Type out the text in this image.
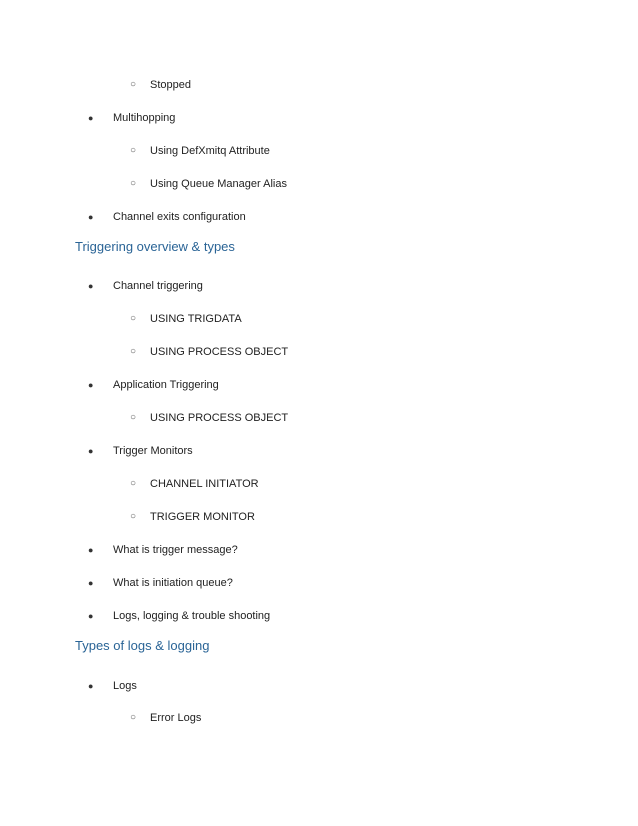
○ Stopped
● Multihopping
○ Using DefXmitq Attribute
○ Using Queue Manager Alias
● Channel exits configuration
Triggering overview & types
● Channel triggering
○ USING TRIGDATA
○ USING PROCESS OBJECT
● Application Triggering
○ USING PROCESS OBJECT
● Trigger Monitors
○ CHANNEL INITIATOR
○ TRIGGER MONITOR
● What is trigger message?
● What is initiation queue?
● Logs, logging & trouble shooting
Types of logs & logging
● Logs
○ Error Logs
